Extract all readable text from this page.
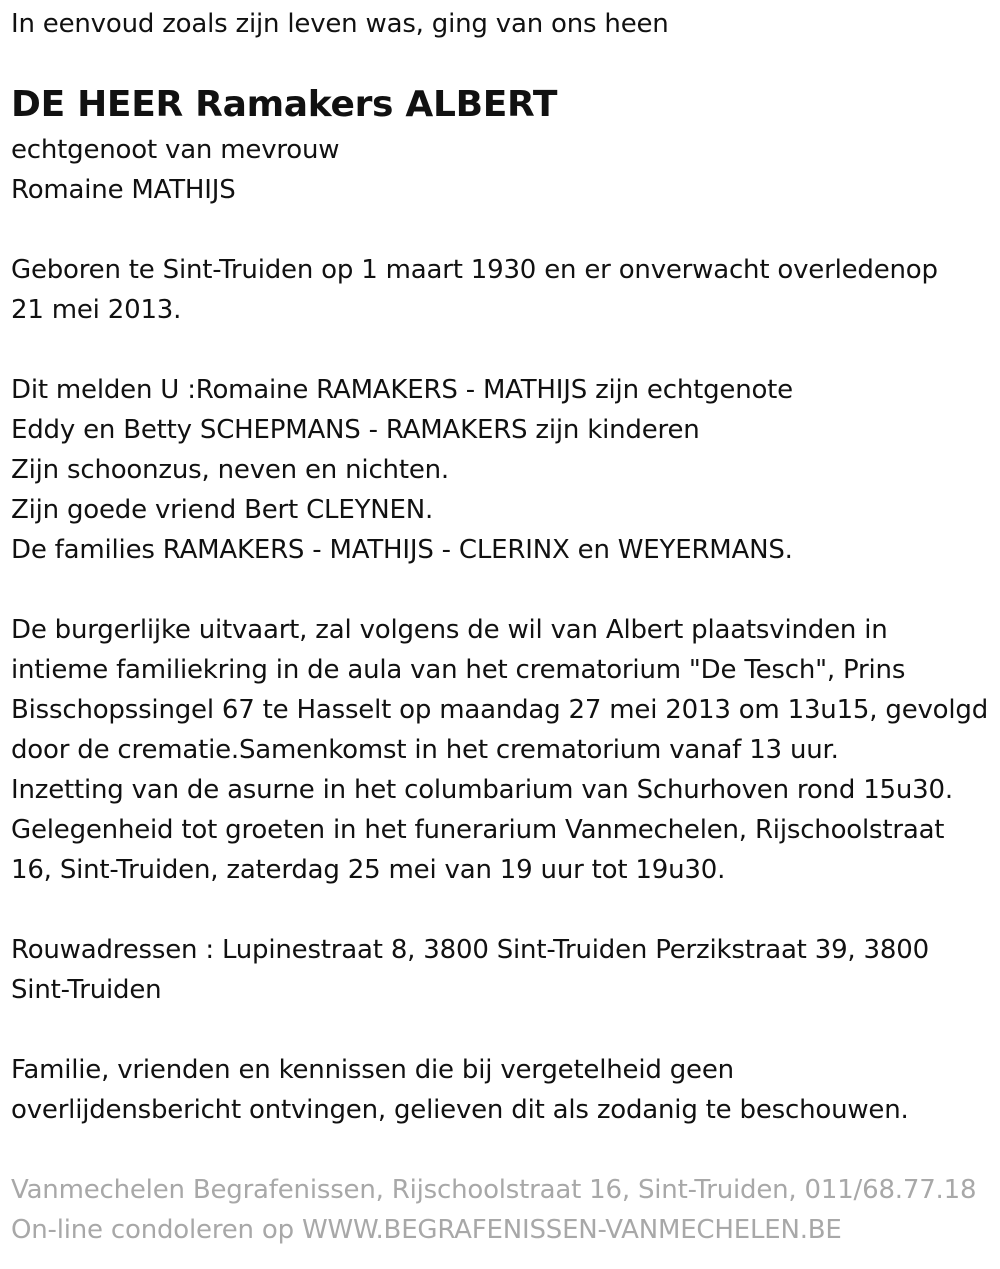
In eenvoud zoals zijn leven was, ging van ons heen
DE HEER Ramakers ALBERT
echtgenoot van mevrouw
Romaine MATHIJS
Geboren te Sint-Truiden op 1 maart 1930 en er onverwacht overledenop
21 mei 2013.
Dit melden U :Romaine RAMAKERS - MATHIJS zijn echtgenote
Eddy en Betty SCHEPMANS - RAMAKERS zijn kinderen
Zijn schoonzus, neven en nichten.
Zijn goede vriend Bert CLEYNEN.
De families RAMAKERS - MATHIJS - CLERINX en WEYERMANS.
De burgerlijke uitvaart, zal volgens de wil van Albert plaatsvinden in
intieme familiekring in de aula van het crematorium "De Tesch", Prins
Bisschopssingel 67 te Hasselt op maandag 27 mei 2013 om 13u15, gevolgd
door de crematie.Samenkomst in het crematorium vanaf 13 uur.
Inzetting van de asurne in het columbarium van Schurhoven rond 15u30.
Gelegenheid tot groeten in het funerarium Vanmechelen, Rijschoolstraat
16, Sint-Truiden, zaterdag 25 mei van 19 uur tot 19u30.
Rouwadressen : Lupinestraat 8, 3800 Sint-Truiden Perzikstraat 39, 3800
Sint-Truiden
Familie, vrienden en kennissen die bij vergetelheid geen
overlijdensbericht ontvingen, gelieven dit als zodanig te beschouwen.
Vanmechelen Begrafenissen, Rijschoolstraat 16, Sint-Truiden, 011/68.77.18
On-line condoleren op WWW.BEGRAFENISSEN-VANMECHELEN.BE
